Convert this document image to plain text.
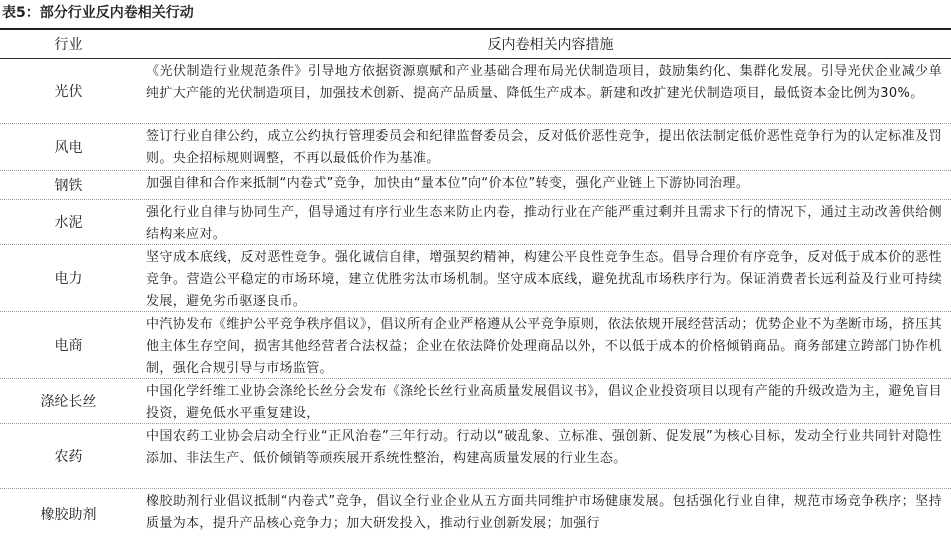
表5：部分行业反内卷相关行动
行业	反内卷相关内容措施
光伏
《光伏制造行业规范条件》引导地方依据资源禀赋和产业基础合理布局光伏制造项目，鼓励集约化、集群化发展。引导光伏企业减少单纯扩大产能的光伏制造项目，加强技术创新、提高产品质量、降低生产成本。新建和改扩建光伏制造项目，最低资本金比例为30%。
风电
签订行业自律公约，成立公约执行管理委员会和纪律监督委员会，反对低价恶性竞争，提出依法制定低价恶性竞争行为的认定标准及罚则。央企招标规则调整，不再以最低价作为基准。
钢铁	加强自律和合作来抵制“内卷式”竞争，加快由“量本位”向“价本位”转变，强化产业链上下游协同治理。
水泥
强化行业自律与协同生产，倡导通过有序行业生态来防止内卷，推动行业在产能严重过剩并且需求下行的情况下，通过主动改善供给侧结构来应对。
电力
坚守成本底线，反对恶性竞争。强化诚信自律，增强契约精神，构建公平良性竞争生态。倡导合理价有序竞争，反对低于成本价的恶性竞争。营造公平稳定的市场环境，建立优胜劣汰市场机制。坚守成本底线，避免扰乱市场秩序行为。保证消费者长远利益及行业可持续发展，避免劣币驱逐良币。
电商
中汽协发布《维护公平竞争秩序倡议》，倡议所有企业严格遵从公平竞争原则，依法依规开展经营活动；优势企业不为垄断市场，挤压其他主体生存空间，损害其他经营者合法权益；企业在依法降价处理商品以外，不以低于成本的价格倾销商品。商务部建立跨部门协作机制，强化合规引导与市场监管。
涤纶长丝
中国化学纤维工业协会涤纶长丝分会发布《涤纶长丝行业高质量发展倡议书》，倡议企业投资项目以现有产能的升级改造为主，避免盲目投资，避免低水平重复建设，
农药
中国农药工业协会启动全行业“正风治卷”三年行动。行动以“破乱象、立标准、强创新、促发展”为核心目标，发动全行业共同针对隐性添加、非法生产、低价倾销等顽疾展开系统性整治，构建高质量发展的行业生态。
橡胶助剂
橡胶助剂行业倡议抵制“内卷式”竞争，倡议全行业企业从五方面共同维护市场健康发展。包括强化行业自律，规范市场竞争秩序；坚持质量为本，提升产品核心竞争力；加大研发投入，推动行业创新发展；加强行
